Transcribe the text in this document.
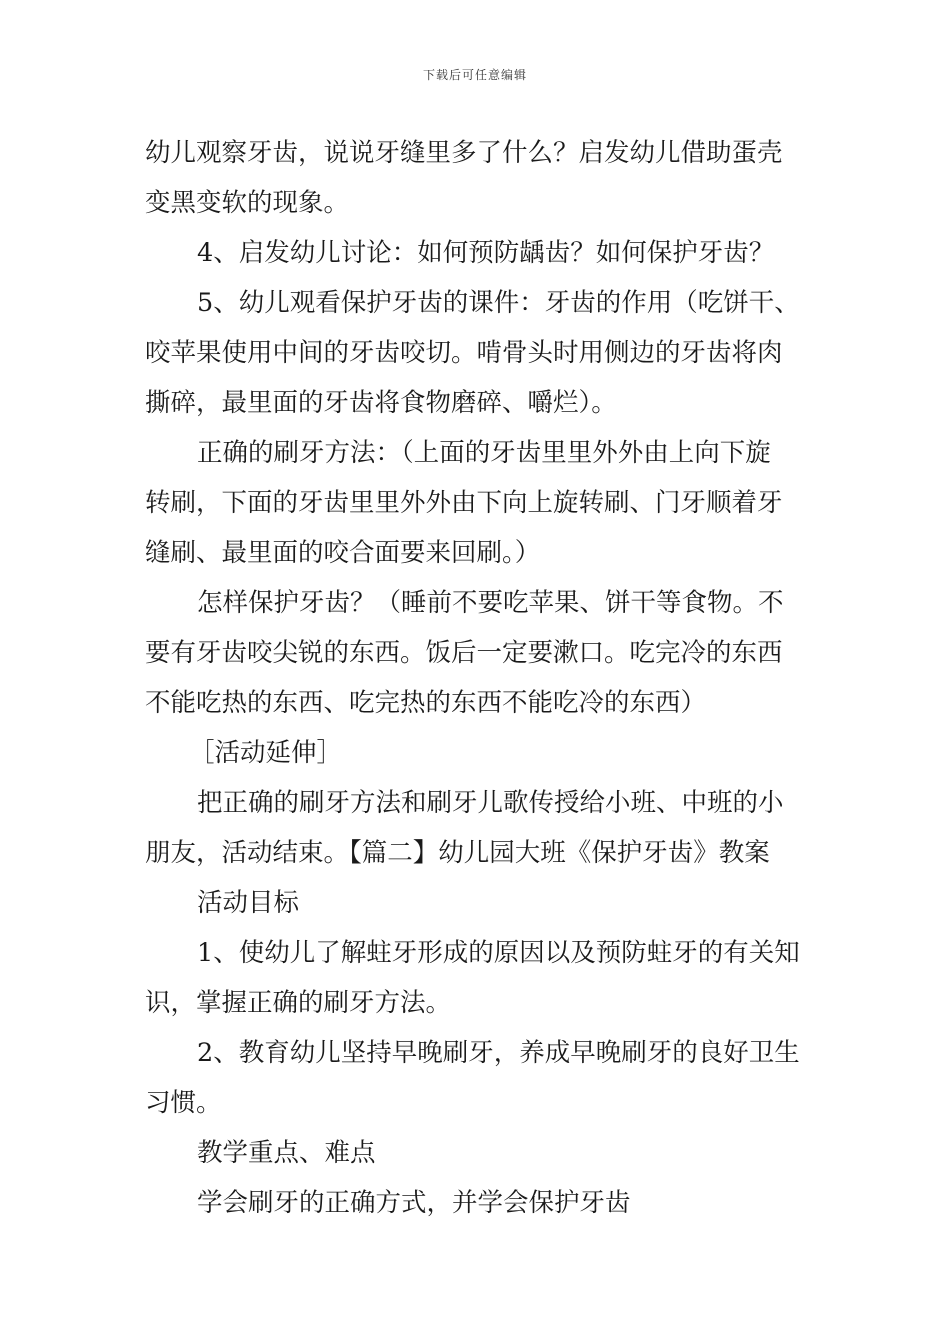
下载后可任意编辑
幼儿观察牙齿，说说牙缝里多了什么？启发幼儿借助蛋壳
变黑变软的现象。
4、启发幼儿讨论：如何预防龋齿？如何保护牙齿？
5、幼儿观看保护牙齿的课件：牙齿的作用（吃饼干、
咬苹果使用中间的牙齿咬切。啃骨头时用侧边的牙齿将肉
撕碎，最里面的牙齿将食物磨碎、嚼烂）。
正确的刷牙方法：（上面的牙齿里里外外由上向下旋
转刷，下面的牙齿里里外外由下向上旋转刷、门牙顺着牙
缝刷、最里面的咬合面要来回刷。）
怎样保护牙齿？（睡前不要吃苹果、饼干等食物。不
要有牙齿咬尖锐的东西。饭后一定要漱口。吃完冷的东西
不能吃热的东西、吃完热的东西不能吃冷的东西）
［活动延伸］
把正确的刷牙方法和刷牙儿歌传授给小班、中班的小
朋友，活动结束。【篇二】幼儿园大班《保护牙齿》教案
活动目标
1、使幼儿了解蛀牙形成的原因以及预防蛀牙的有关知
识，掌握正确的刷牙方法。
2、教育幼儿坚持早晚刷牙，养成早晚刷牙的良好卫生
习惯。
教学重点、难点
学会刷牙的正确方式，并学会保护牙齿
